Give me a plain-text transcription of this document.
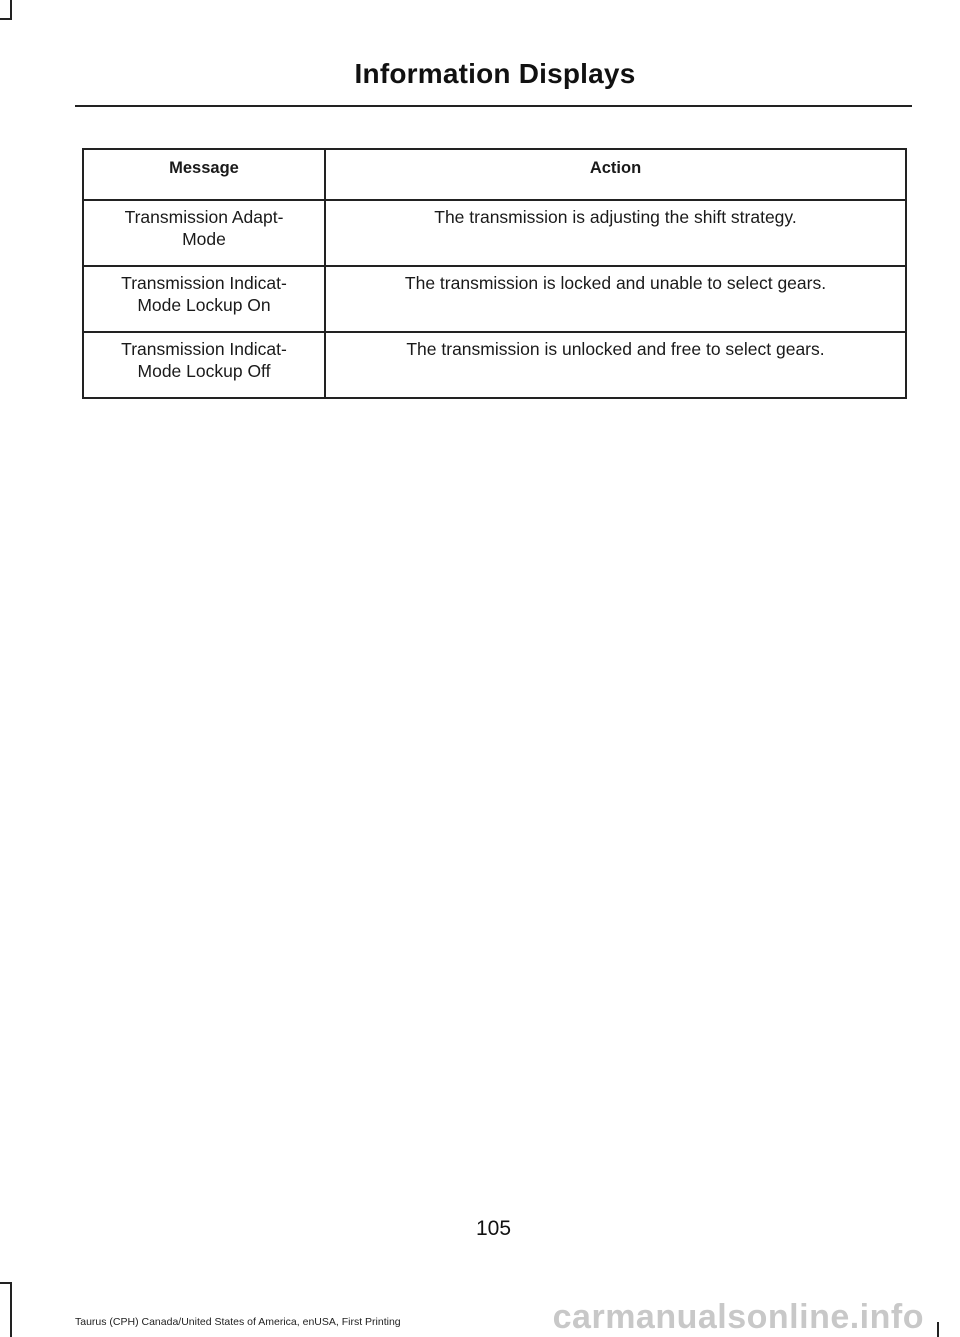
Information Displays
Message	Action
Transmission Adapt-
Mode	The transmission is adjusting the shift strategy.
Transmission Indicat-
Mode Lockup On	The transmission is locked and unable to select gears.
Transmission Indicat-
Mode Lockup Off	The transmission is unlocked and free to select gears.
105
Taurus (CPH) Canada/United States of America, enUSA, First Printing	carmanualsonline.info
